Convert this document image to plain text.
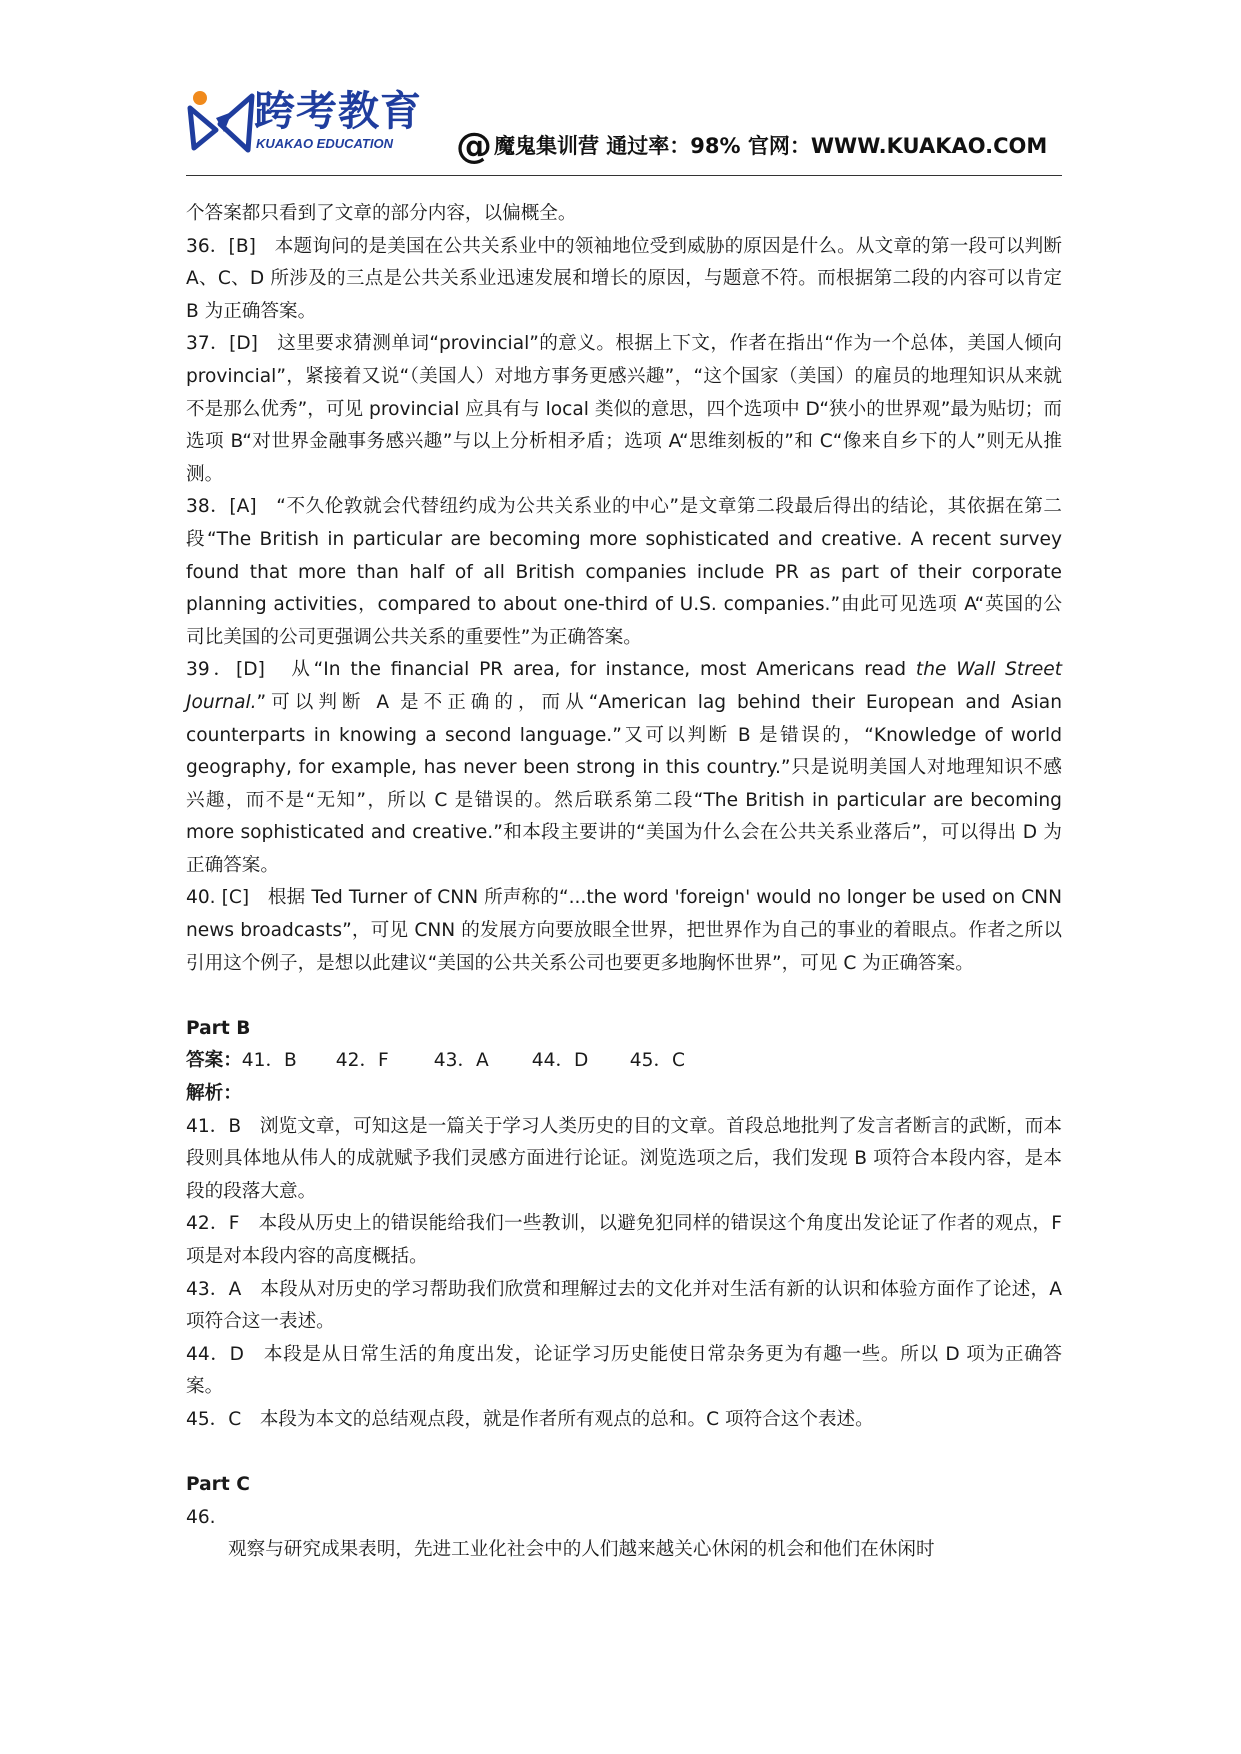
跨考教育
KUAKAO EDUCATION @魔鬼集训营 通过率：98% 官网：WWW.KUAKAO.COM

个答案都只看到了文章的部分内容，以偏概全。

36．[B]　本题询问的是美国在公共关系业中的领袖地位受到威胁的原因是什么。从文章的第一段可以判断 A、C、D 所涉及的三点是公共关系业迅速发展和增长的原因，与题意不符。而根据第二段的内容可以肯定 B 为正确答案。

37．[D]　这里要求猜测单词“provincial”的意义。根据上下文，作者在指出“作为一个总体，美国人倾向 provincial”，紧接着又说“（美国人）对地方事务更感兴趣”，“这个国家（美国）的雇员的地理知识从来就不是那么优秀”，可见 provincial 应具有与 local 类似的意思，四个选项中 D“狭小的世界观”最为贴切；而选项 B“对世界金融事务感兴趣”与以上分析相矛盾；选项 A“思维刻板的”和 C“像来自乡下的人”则无从推测。

38．[A]　“不久伦敦就会代替纽约成为公共关系业的中心”是文章第二段最后得出的结论，其依据在第二段“The British in particular are becoming more sophisticated and creative. A recent survey found that more than half of all British companies include PR as part of their corporate planning activities，compared to about one-third of U.S. companies.”由此可见选项 A“英国的公司比美国的公司更强调公共关系的重要性”为正确答案。

39．[D]　从“In the financial PR area, for instance, most Americans read the Wall Street Journal.”可以判断 A 是不正确的，而从“American lag behind their European and Asian counterparts in knowing a second language.”又可以判断 B 是错误的，“Knowledge of world geography, for example, has never been strong in this country.”只是说明美国人对地理知识不感兴趣，而不是“无知”，所以 C 是错误的。然后联系第二段“The British in particular are becoming more sophisticated and creative.”和本段主要讲的“美国为什么会在公共关系业落后”，可以得出 D 为正确答案。

40. [C]　根据 Ted Turner of CNN 所声称的“...the word 'foreign' would no longer be used on CNN news broadcasts”，可见 CNN 的发展方向要放眼全世界，把世界作为自己的事业的着眼点。作者之所以引用这个例子，是想以此建议“美国的公共关系公司也要更多地胸怀世界”，可见 C 为正确答案。

Part B

答案：41．B 42．F 43．A 44．D 45．C

解析：

41．B　浏览文章，可知这是一篇关于学习人类历史的目的文章。首段总地批判了发言者断言的武断，而本段则具体地从伟人的成就赋予我们灵感方面进行论证。浏览选项之后，我们发现 B 项符合本段内容，是本段的段落大意。

42．F　本段从历史上的错误能给我们一些教训，以避免犯同样的错误这个角度出发论证了作者的观点，F 项是对本段内容的高度概括。

43．A　本段从对历史的学习帮助我们欣赏和理解过去的文化并对生活有新的认识和体验方面作了论述，A 项符合这一表述。

44．D　本段是从日常生活的角度出发，论证学习历史能使日常杂务更为有趣一些。所以 D 项为正确答案。

45．C　本段为本文的总结观点段，就是作者所有观点的总和。C 项符合这个表述。

Part C

46.

观察与研究成果表明，先进工业化社会中的人们越来越关心休闲的机会和他们在休闲时
